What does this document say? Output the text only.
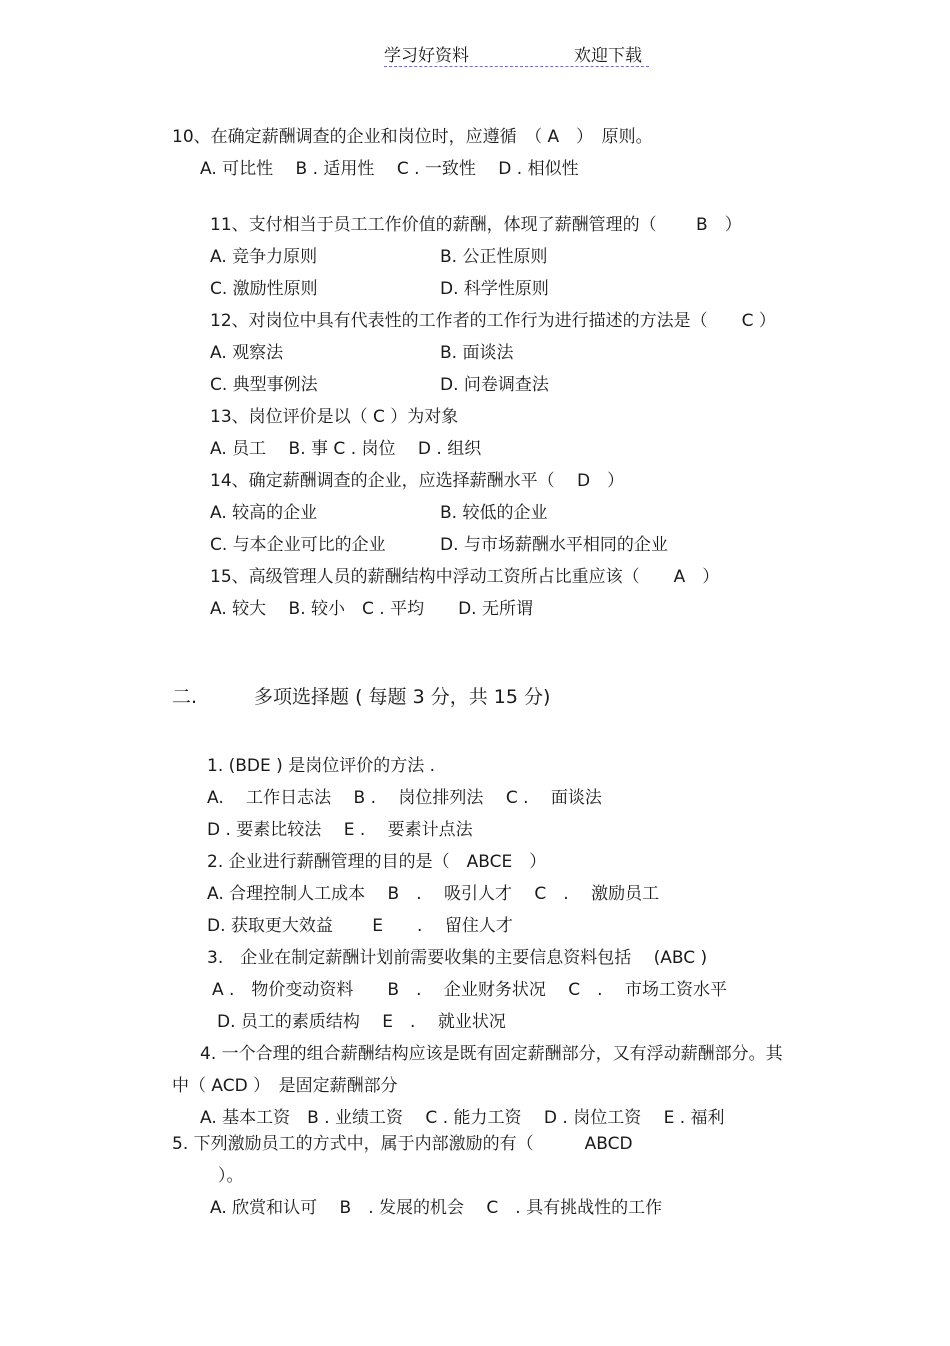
学习好资料	欢迎下载
10、在确定薪酬调查的企业和岗位时，应遵循　（ A　）　原则。
A. 可比性　 B . 适用性　 C . 一致性　 D . 相似性
11、支付相当于员工工作价值的薪酬，体现了薪酬管理的（　　 B　）
A. 竞争力原则	B. 公正性原则
C. 激励性原则	D. 科学性原则
12、对岗位中具有代表性的工作者的工作行为进行描述的方法是（　　C ）
A. 观察法	B. 面谈法
C. 典型事例法	D. 问卷调查法
13、岗位评价是以（ C ）为对象
A. 员工　 B. 事 C . 岗位　 D . 组织
14、确定薪酬调查的企业，应选择薪酬水平（　 D　）
A. 较高的企业	B. 较低的企业
C. 与本企业可比的企业	D. 与市场薪酬水平相同的企业
15、高级管理人员的薪酬结构中浮动工资所占比重应该（　　A　）
A. 较大　 B. 较小　C . 平均　　D. 无所谓
二.　　　多项选择题 ( 每题 3 分，共 15 分)
1. (BDE ) 是岗位评价的方法 .
A.　 工作日志法　 B .　 岗位排列法　 C .　 面谈法
D . 要素比较法　 E .　 要素计点法
2. 企业进行薪酬管理的目的是（　ABCE　）
A. 合理控制人工成本　 B　.　 吸引人才　 C　.　 激励员工
D. 获取更大效益　　 E　　.　 留住人才
3.　企业在制定薪酬计划前需要收集的主要信息资料包括　 (ABC )
A .　物价变动资料　　B　.　 企业财务状况　 C　.　 市场工资水平
D. 员工的素质结构　 E　.　 就业状况
4. 一个合理的组合薪酬结构应该是既有固定薪酬部分，又有浮动薪酬部分。其
中（ ACD ）　是固定薪酬部分
A. 基本工资　B . 业绩工资　 C . 能力工资　 D . 岗位工资　 E . 福利
5. 下列激励员工的方式中，属于内部激励的有（　　　ABCD
）。
A. 欣赏和认可　 B　. 发展的机会　 C　. 具有挑战性的工作
